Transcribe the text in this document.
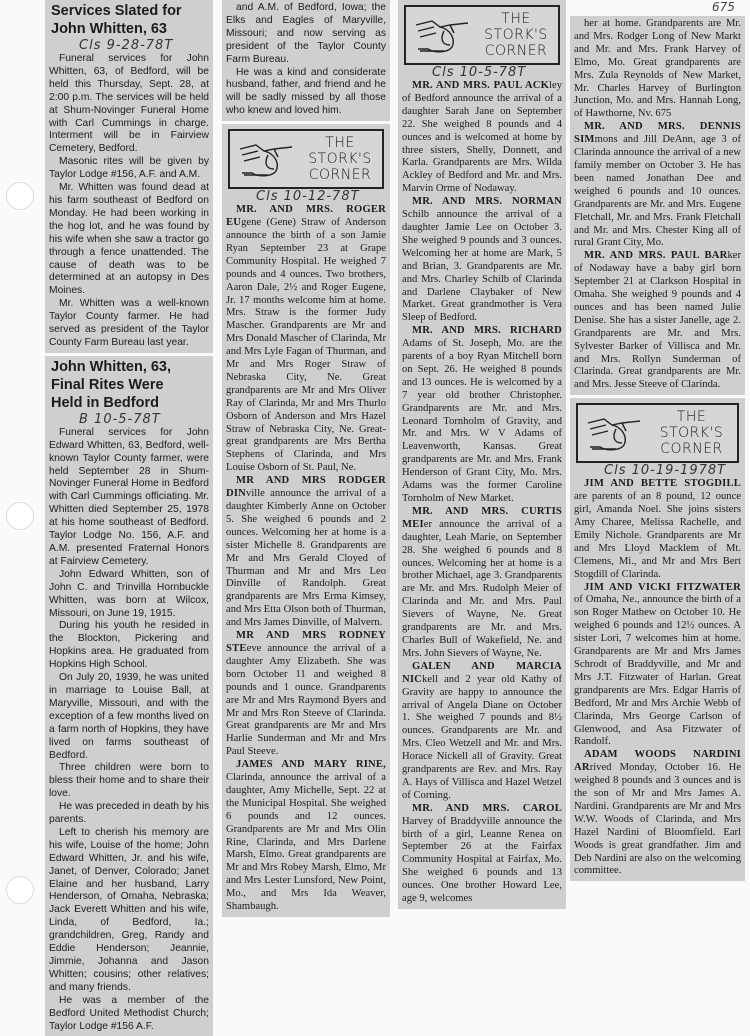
Services Slated for
John Whitten, 63
Cls 9-28-78T

Funeral services for John Whitten, 63, of Bedford, will be held this Thursday, Sept. 28, at 2:00 p.m. The services will be held at Shum-Novinger Funeral Home with Carl Cummings in charge. Interment will be in Fairview Cemetery, Bedford.

Masonic rites will be given by Taylor Lodge #156, A.F. and A.M.

Mr. Whitten was found dead at his farm southeast of Bedford on Monday. He had been working in the hog lot, and he was found by his wife when she saw a tractor go through a fence unattended. The cause of death was to be determined at an autopsy in Des Moines.

Mr. Whitten was a well-known Taylor County farmer. He had served as president of the Taylor County Farm Bureau last year.

John Whitten, 63,
Final Rites Were
Held in Bedford
B 10-5-78T

Funeral services for John Edward Whitten, 63, Bedford, well-known Taylor County farmer, were held September 28 in Shum-Novinger Funeral Home in Bedford with Carl Cummings officiating. Mr. Whitten died September 25, 1978 at his home southeast of Bedford. Taylor Lodge No. 156, A.F. and A.M. presented Fraternal Honors at Fairview Cemetery.

John Edward Whitten, son of John C. and Trinvilla Hornbuckle Whitten, was born at Wilcox, Missouri, on June 19, 1915.

During his youth he resided in the Blockton, Pickering and Hopkins area. He graduated from Hopkins High School.

On July 20, 1939, he was united in marriage to Louise Ball, at Maryville, Missouri, and with the exception of a few months lived on a farm north of Hopkins, they have lived on farms southeast of Bedford.

Three children were born to bless their home and to share their love.

He was preceded in death by his parents.

Left to cherish his memory are his wife, Louise of the home; John Edward Whitten, Jr. and his wife, Janet, of Denver, Colorado; Janet Elaine and her husband, Larry Henderson, of Omaha, Nebraska; Jack Everett Whitten and his wife, Linda, of Bedford, Ia.; grandchildren, Greg, Randy and Eddie Henderson; Jeannie, Jimmie, Johanna and Jason Whitten; cousins; other relatives; and many friends.

He was a member of the Bedford United Methodist Church; Taylor Lodge #156 A.F.

and A.M. of Bedford, Iowa; the Elks and Eagles of Maryville, Missouri; and now serving as president of the Taylor County Farm Bureau.

He was a kind and considerate husband, father, and friend and he will be sadly missed by all those who knew and loved him.

THE
STORK'S
CORNER
Cls 10-12-78T

MR. AND MRS. ROGER EUgene (Gene) Straw of Anderson announce the birth of a son Jamie Ryan September 23 at Grape Community Hospital. He weighed 7 pounds and 4 ounces. Two brothers, Aaron Dale, 2½ and Roger Eugene, Jr. 17 months welcome him at home. Mrs. Straw is the former Judy Mascher. Grandparents are Mr and Mrs Donald Mascher of Clarinda, Mr and Mrs Lyle Fagan of Thurman, and Mr and Mrs Roger Straw of Nebraska City, Ne. Great grandparents are Mr and Mrs Oliver Ray of Clarinda, Mr and Mrs Thurlo Osborn of Anderson and Mrs Hazel Straw of Nebraska City, Ne. Great-great grandparents are Mrs Bertha Stephens of Clarinda, and Mrs Louise Osborn of St. Paul, Ne.

MR AND MRS RODGER DINville announce the arrival of a daughter Kimberly Anne on October 5. She weighed 6 pounds and 2 ounces. Welcoming her at home is a sister Michelle 8. Grandparents are Mr and Mrs Gerald Cloyed of Thurman and Mr and Mrs Leo Dinville of Randolph. Great grandparents are Mrs Erma Kimsey, and Mrs Etta Olson both of Thurman, and Mrs James Dinville, of Malvern.

MR AND MRS RODNEY STEeve announce the arrival of a daughter Amy Elizabeth. She was born October 11 and weighed 8 pounds and 1 ounce. Grandparents are Mr and Mrs Raymond Byers and Mr and Mrs Ron Steeve of Clarinda. Great grandparents are Mr and Mrs Harlie Sunderman and Mr and Mrs Paul Steeve.

JAMES AND MARY RINE, Clarinda, announce the arrival of a daughter, Amy Michelle, Sept. 22 at the Municipal Hospital. She weighed 6 pounds and 12 ounces. Grandparents are Mr and Mrs Olin Rine, Clarinda, and Mrs Darlene Marsh, Elmo. Great grandparents are Mr and Mrs Robey Marsh, Elmo, Mr and Mrs Lester Lunsford, New Point, Mo., and Mrs Ida Weaver, Shambaugh.

THE
STORK'S
CORNER
Cls 10-5-78T

MR. AND MRS. PAUL ACKley of Bedford announce the arrival of a daughter Sarah Jane on September 22. She weighed 8 pounds and 4 ounces and is welcomed at home by three sisters, Shelly, Donnett, and Karla. Grandparents are Mrs. Wilda Ackley of Bedford and Mr. and Mrs. Marvin Orme of Nodaway.

MR. AND MRS. NORMAN Schilb announce the arrival of a daughter Jamie Lee on October 3. She weighed 9 pounds and 3 ounces. Welcoming her at home are Mark, 5 and Brian, 3. Grandparents are Mr. and Mrs. Charley Schilb of Clarinda and Darlene Claybaker of New Market. Great grandmother is Vera Sleep of Bedford.

MR. AND MRS. RICHARD Adams of St. Joseph, Mo. are the parents of a boy Ryan Mitchell born on Sept. 26. He weighed 8 pounds and 13 ounces. He is welcomed by a 7 year old brother Christopher. Grandparents are Mr. and Mrs. Leonard Tornholm of Gravity, and Mr. and Mrs. W V Adams of Leavenworth, Kansas. Great grandparents are Mr. and Mrs. Frank Henderson of Grant City, Mo. Mrs. Adams was the former Caroline Tornholm of New Market.

MR. AND MRS. CURTIS MEIer announce the arrival of a daughter, Leah Marie, on September 28. She weighed 6 pounds and 8 ounces. Welcoming her at home is a brother Michael, age 3. Grandparents are Mr. and Mrs. Rudolph Meier of Clarinda and Mr. and Mrs. Paul Sievers of Wayne, Ne. Great grandparents are Mr. and Mrs. Charles Bull of Wakefield, Ne. and Mrs. John Sievers of Wayne, Ne.

GALEN AND MARCIA NICkell and 2 year old Kathy of Gravity are happy to announce the arrival of Angela Diane on October 1. She weighed 7 pounds and 8½ ounces. Grandparents are Mr. and Mrs. Cleo Wetzell and Mr. and Mrs. Horace Nickell all of Gravity. Great grandparents are Rev. and Mrs. Ray A. Hays of Villisca and Hazel Wetzel of Corning.

MR. AND MRS. CAROL Harvey of Braddyville announce the birth of a girl, Leanne Renea on September 26 at the Fairfax Community Hospital at Fairfax, Mo. She weighed 6 pounds and 13 ounces. One brother Howard Lee, age 9, welcomes

her at home. Grandparents are Mr. and Mrs. Rodger Long of New Markt and Mr. and Mrs. Frank Harvey of Elmo, Mo. Great grandparents are Mrs. Zula Reynolds of New Market, Mr. Charles Harvey of Burlington Junction, Mo. and Mrs. Hannah Long, of Hawthorne, Nv. 675

MR. AND MRS. DENNIS SIMmons and Jill DeAnn, age 3 of Clarinda announce the arrival of a new family member on October 3. He has been named Jonathan Dee and weighed 6 pounds and 10 ounces. Grandparents are Mr. and Mrs. Eugene Fletchall, Mr. and Mrs. Frank Fletchall and Mr. and Mrs. Chester King all of rural Grant City, Mo.

MR. AND MRS. PAUL BARker of Nodaway have a baby girl born September 21 at Clarkson Hospital in Omaha. She weighed 9 pounds and 4 ounces and has been named Julie Denise. She has a sister Janelle, age 2. Grandparents are Mr. and Mrs. Sylvester Barker of Villisca and Mr. and Mrs. Rollyn Sunderman of Clarinda. Great grandparents are Mr. and Mrs. Jesse Steeve of Clarinda.

THE
STORK'S
CORNER
Cls 10-19-1978T

JIM AND BETTE STOGDILL are parents of an 8 pound, 12 ounce girl, Amanda Noel. She joins sisters Amy Charee, Melissa Rachelle, and Emily Nichole. Grandparents are Mr and Mrs Lloyd Macklem of Mt. Clemens, Mi., and Mr and Mrs Bert Stogdill of Clarinda.

JIM AND VICKI FITZWATER of Omaha, Ne., announce the birth of a son Roger Mathew on October 10. He weighed 6 pounds and 12½ ounces. A sister Lori, 7 welcomes him at home. Grandparents are Mr and Mrs James Schrodt of Braddyville, and Mr and Mrs J.T. Fitzwater of Harlan. Great grandparents are Mrs. Edgar Harris of Bedford, Mr and Mrs Archie Webb of Clarinda, Mrs George Carlson of Glenwood, and Asa Fitzwater of Randolf.

ADAM WOODS NARDINI ARrived Monday, October 16. He weighed 8 pounds and 3 ounces and is the son of Mr and Mrs James A. Nardini. Grandparents are Mr and Mrs W.W. Woods of Clarinda, and Mrs Hazel Nardini of Bloomfield. Earl Woods is great grandfather. Jim and Deb Nardini are also on the welcoming committee.

675
